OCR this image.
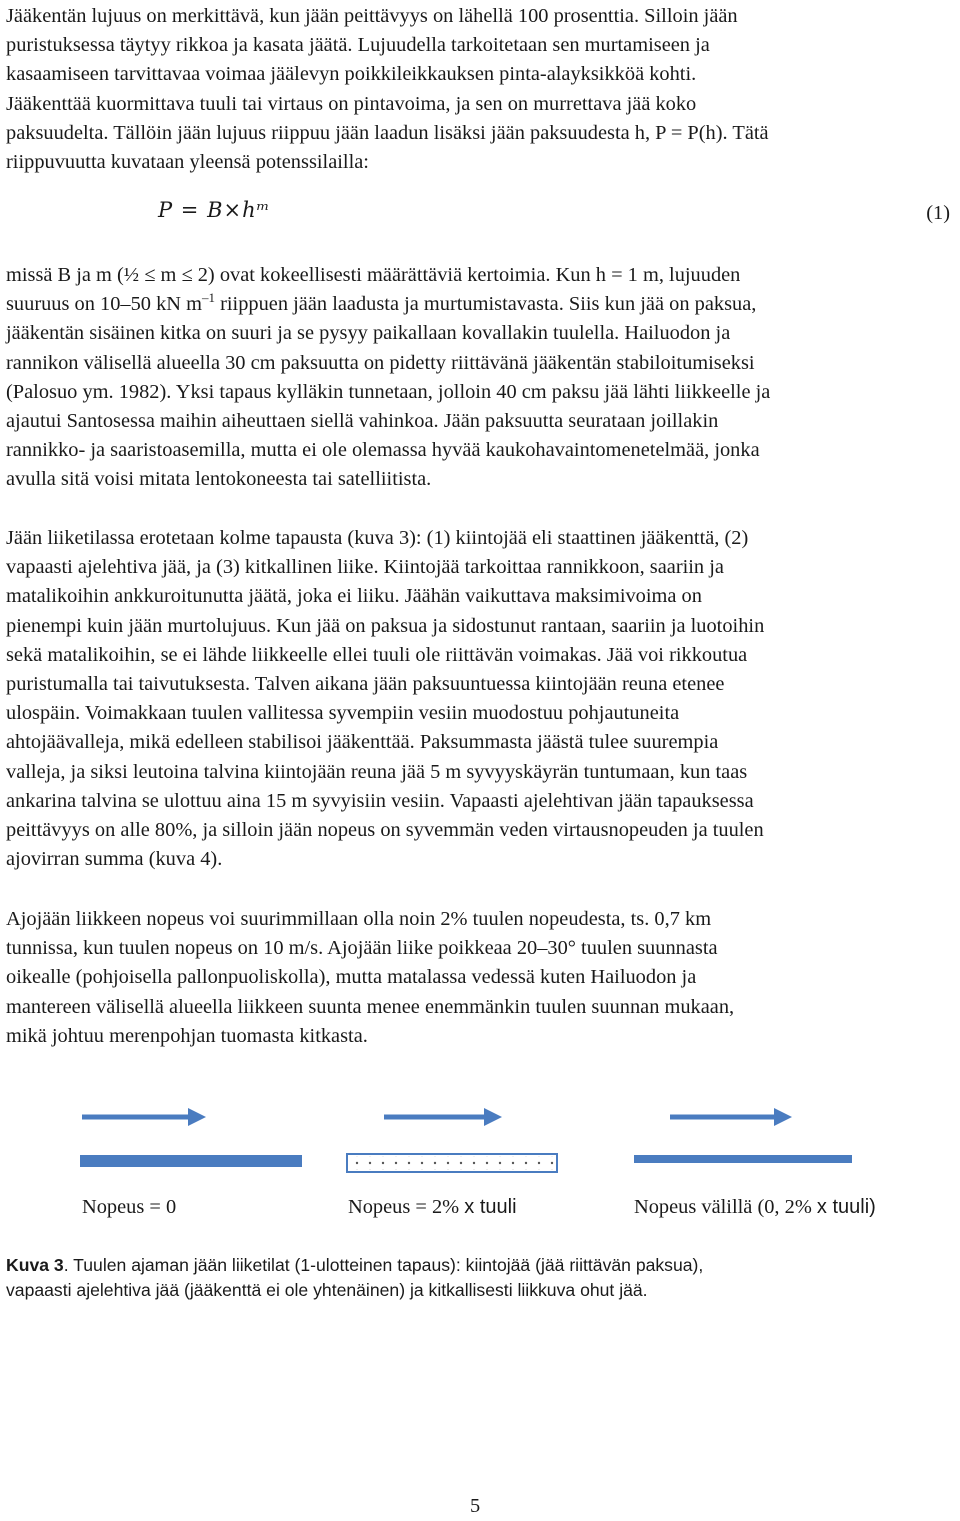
Jääkentän lujuus on merkittävä, kun jään peittävyys on lähellä 100 prosenttia. Silloin jään
puristuksessa täytyy rikkoa ja kasata jäätä. Lujuudella tarkoitetaan sen murtamiseen ja
kasaamiseen tarvittavaa voimaa jäälevyn poikkileikkauksen pinta-alayksikköä kohti.
Jääkenttää kuormittava tuuli tai virtaus on pintavoima, ja sen on murrettava jää koko
paksuudelta. Tällöin jään lujuus riippuu jään laadun lisäksi jään paksuudesta h, P = P(h). Tätä
riippuvuutta kuvataan yleensä potenssilailla:
P = B×hᵐ	(1)
missä B ja m (½ ≤ m ≤ 2) ovat kokeellisesti määrättäviä kertoimia. Kun h = 1 m, lujuuden
suuruus on 10–50 kN $m^{-1}$ riippuen jään laadusta ja murtumistavasta. Siis kun jää on paksua,
jääkentän sisäinen kitka on suuri ja se pysyy paikallaan kovallakin tuulella. Hailuodon ja
rannikon välisellä alueella 30 cm paksuutta on pidetty riittävänä jääkentän stabiloitumiseksi
(Palosuo ym. 1982). Yksi tapaus kylläkin tunnetaan, jolloin 40 cm paksu jää lähti liikkeelle ja
ajautui Santosessa maihin aiheuttaen siellä vahinkoa. Jään paksuutta seurataan joillakin
rannikko- ja saaristoasemilla, mutta ei ole olemassa hyvää kaukohavaintomenetelmää, jonka
avulla sitä voisi mitata lentokoneesta tai satelliitista.
Jään liiketilassa erotetaan kolme tapausta (kuva 3): (1) kiintojää eli staattinen jääkenttä, (2)
vapaasti ajelehtiva jää, ja (3) kitkallinen liike. Kiintojää tarkoittaa rannikkoon, saariin ja
matalikoihin ankkuroitunutta jäätä, joka ei liiku. Jäähän vaikuttava maksimivoima on
pienempi kuin jään murtolujuus. Kun jää on paksua ja sidostunut rantaan, saariin ja luotoihin
sekä matalikoihin, se ei lähde liikkeelle ellei tuuli ole riittävän voimakas. Jää voi rikkoutua
puristumalla tai taivutuksesta. Talven aikana jään paksuuntuessa kiintojään reuna etenee
ulospäin. Voimakkaan tuulen vallitessa syvempiin vesiin muodostuu pohjautuneita
ahtojäävalleja, mikä edelleen stabilisoi jääkenttää. Paksummasta jäästä tulee suurempia
valleja, ja siksi leutoina talvina kiintojään reuna jää 5 m syvyyskäyrän tuntumaan, kun taas
ankarina talvina se ulottuu aina 15 m syvyisiin vesiin. Vapaasti ajelehtivan jään tapauksessa
peittävyys on alle 80%, ja silloin jään nopeus on syvemmän veden virtausnopeuden ja tuulen
ajovirran summa (kuva 4).
Ajojään liikkeen nopeus voi suurimmillaan olla noin 2% tuulen nopeudesta, ts. 0,7 km
tunnissa, kun tuulen nopeus on 10 m/s. Ajojään liike poikkeaa 20–30° tuulen suunnasta
oikealle (pohjoisella pallonpuoliskolla), mutta matalassa vedessä kuten Hailuodon ja
mantereen välisellä alueella liikkeen suunta menee enemmänkin tuulen suunnan mukaan,
mikä johtuu merenpohjan tuomasta kitkasta.
Nopeus = 0	Nopeus = 2% x tuuli	Nopeus välillä (0, 2% x tuuli)
Kuva 3. Tuulen ajaman jään liiketilat (1-ulotteinen tapaus): kiintojää (jää riittävän paksua),
vapaasti ajelehtiva jää (jääkenttä ei ole yhtenäinen) ja kitkallisesti liikkuva ohut jää.
5
